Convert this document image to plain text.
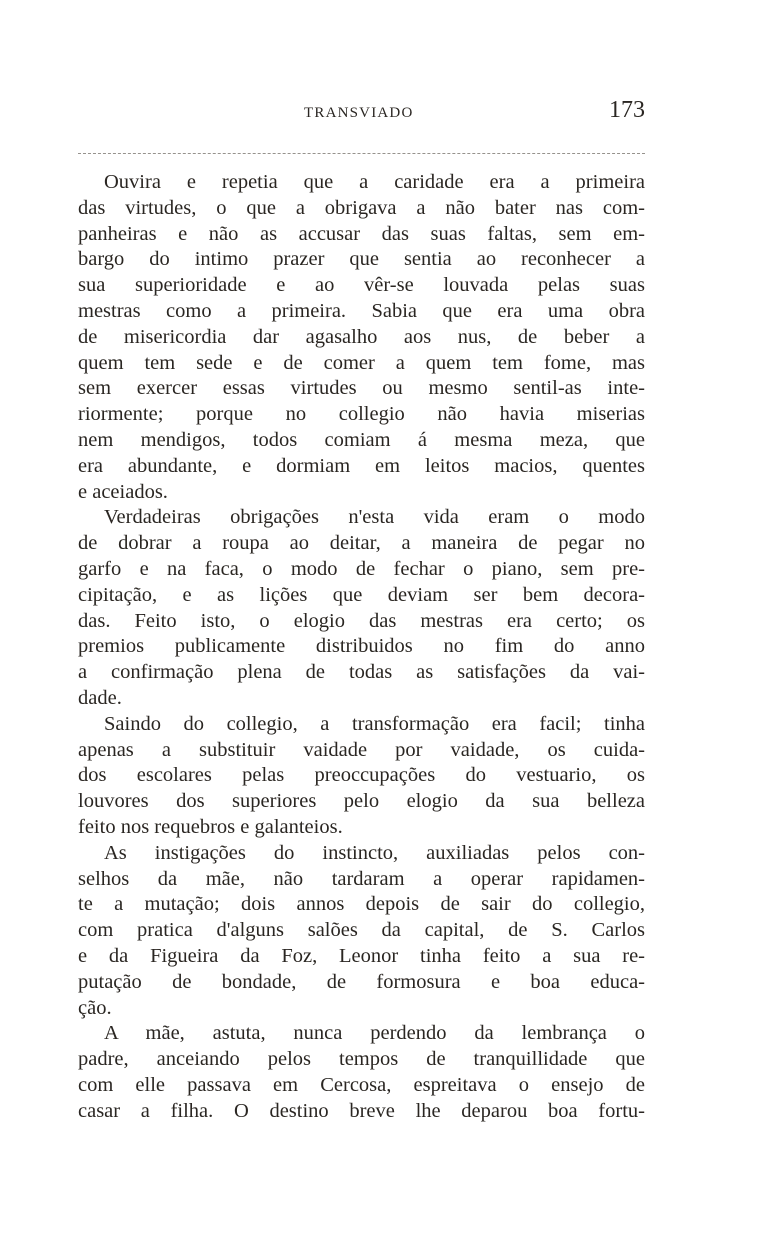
TRANSVIADO	173
Ouvira e repetia que a caridade era a primeira
das virtudes, o que a obrigava a não bater nas com-
panheiras e não as accusar das suas faltas, sem em-
bargo do intimo prazer que sentia ao reconhecer a
sua superioridade e ao vêr-se louvada pelas suas
mestras como a primeira. Sabia que era uma obra
de misericordia dar agasalho aos nus, de beber a
quem tem sede e de comer a quem tem fome, mas
sem exercer essas virtudes ou mesmo sentil-as inte-
riormente; porque no collegio não havia miserias
nem mendigos, todos comiam á mesma meza, que
era abundante, e dormiam em leitos macios, quentes
e aceiados.
Verdadeiras obrigações n'esta vida eram o modo
de dobrar a roupa ao deitar, a maneira de pegar no
garfo e na faca, o modo de fechar o piano, sem pre-
cipitação, e as lições que deviam ser bem decora-
das. Feito isto, o elogio das mestras era certo; os
premios publicamente distribuidos no fim do anno
a confirmação plena de todas as satisfações da vai-
dade.
Saindo do collegio, a transformação era facil; tinha
apenas a substituir vaidade por vaidade, os cuida-
dos escolares pelas preoccupações do vestuario, os
louvores dos superiores pelo elogio da sua belleza
feito nos requebros e galanteios.
As instigações do instincto, auxiliadas pelos con-
selhos da mãe, não tardaram a operar rapidamen-
te a mutação; dois annos depois de sair do collegio,
com pratica d'alguns salões da capital, de S. Carlos
e da Figueira da Foz, Leonor tinha feito a sua re-
putação de bondade, de formosura e boa educa-
ção.
A mãe, astuta, nunca perdendo da lembrança o
padre, anceiando pelos tempos de tranquillidade que
com elle passava em Cercosa, espreitava o ensejo de
casar a filha. O destino breve lhe deparou boa fortu-
